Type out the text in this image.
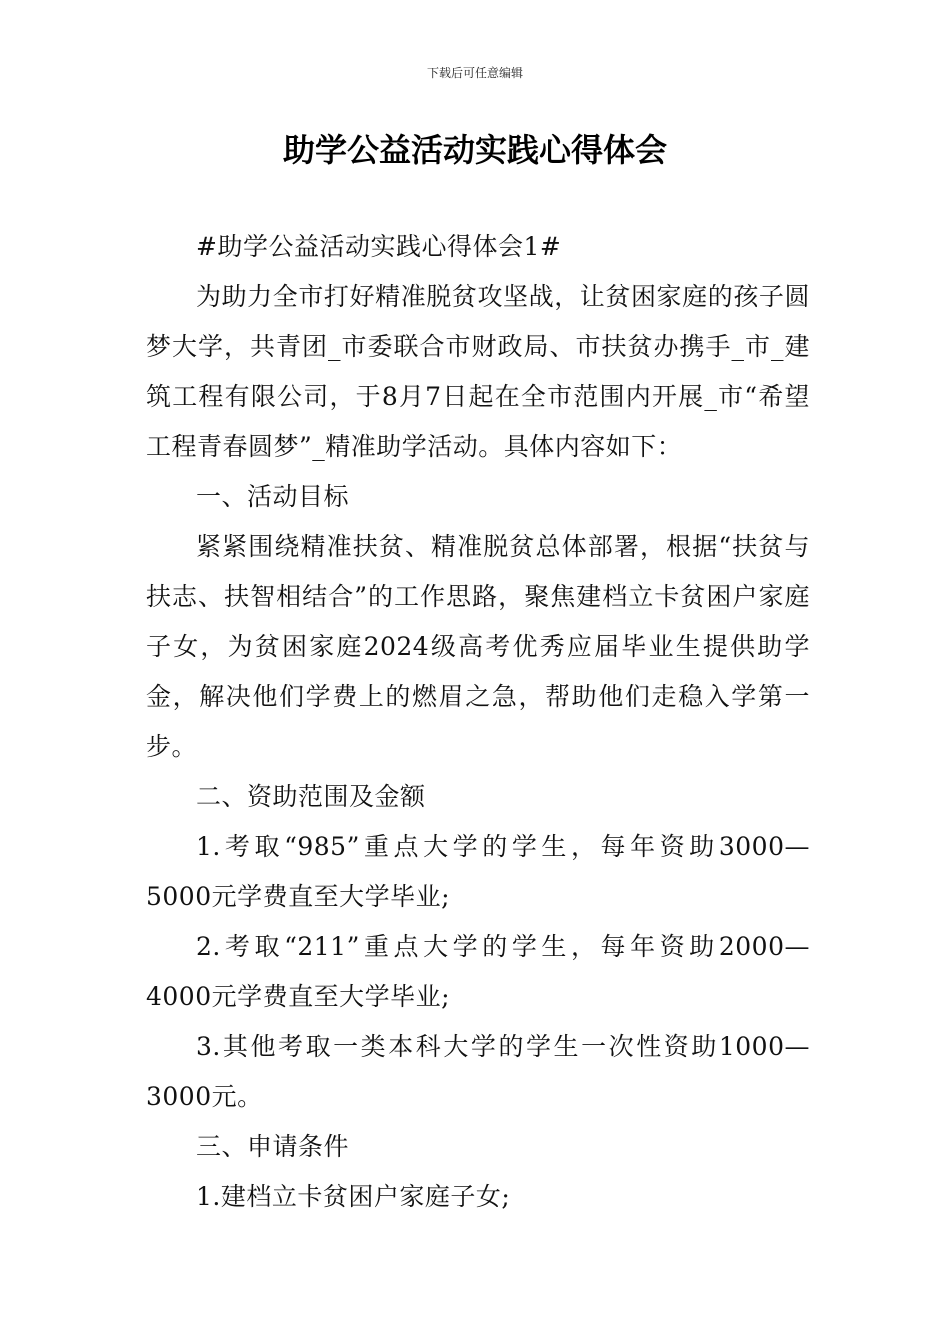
下载后可任意编辑
助学公益活动实践心得体会

#助学公益活动实践心得体会1#

为助力全市打好精准脱贫攻坚战，让贫困家庭的孩子圆梦大学，共青团_市委联合市财政局、市扶贫办携手_市_建筑工程有限公司，于8月7日起在全市范围内开展_市“希望工程青春圆梦”_精准助学活动。具体内容如下：

一、活动目标

紧紧围绕精准扶贫、精准脱贫总体部署，根据“扶贫与扶志、扶智相结合”的工作思路，聚焦建档立卡贫困户家庭子女，为贫困家庭2024级高考优秀应届毕业生提供助学金，解决他们学费上的燃眉之急，帮助他们走稳入学第一步。

二、资助范围及金额

1.考取“985”重点大学的学生，每年资助3000—5000元学费直至大学毕业;

2.考取“211”重点大学的学生，每年资助2000—4000元学费直至大学毕业;

3.其他考取一类本科大学的学生一次性资助1000—3000元。

三、申请条件

1.建档立卡贫困户家庭子女;
